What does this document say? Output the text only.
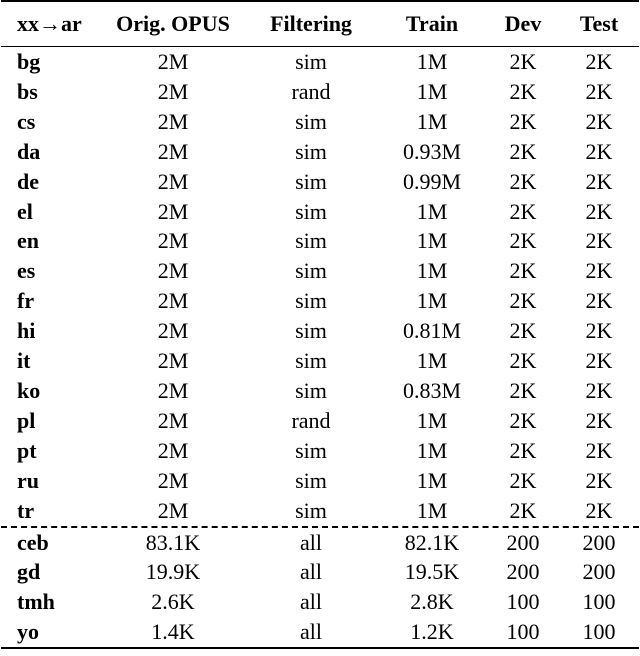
xx→ar	Orig. OPUS	Filtering	Train	Dev	Test
bg	2M	sim	1M	2K	2K
bs	2M	rand	1M	2K	2K
cs	2M	sim	1M	2K	2K
da	2M	sim	0.93M	2K	2K
de	2M	sim	0.99M	2K	2K
el	2M	sim	1M	2K	2K
en	2M	sim	1M	2K	2K
es	2M	sim	1M	2K	2K
fr	2M	sim	1M	2K	2K
hi	2M	sim	0.81M	2K	2K
it	2M	sim	1M	2K	2K
ko	2M	sim	0.83M	2K	2K
pl	2M	rand	1M	2K	2K
pt	2M	sim	1M	2K	2K
ru	2M	sim	1M	2K	2K
tr	2M	sim	1M	2K	2K
ceb	83.1K	all	82.1K	200	200
gd	19.9K	all	19.5K	200	200
tmh	2.6K	all	2.8K	100	100
yo	1.4K	all	1.2K	100	100
